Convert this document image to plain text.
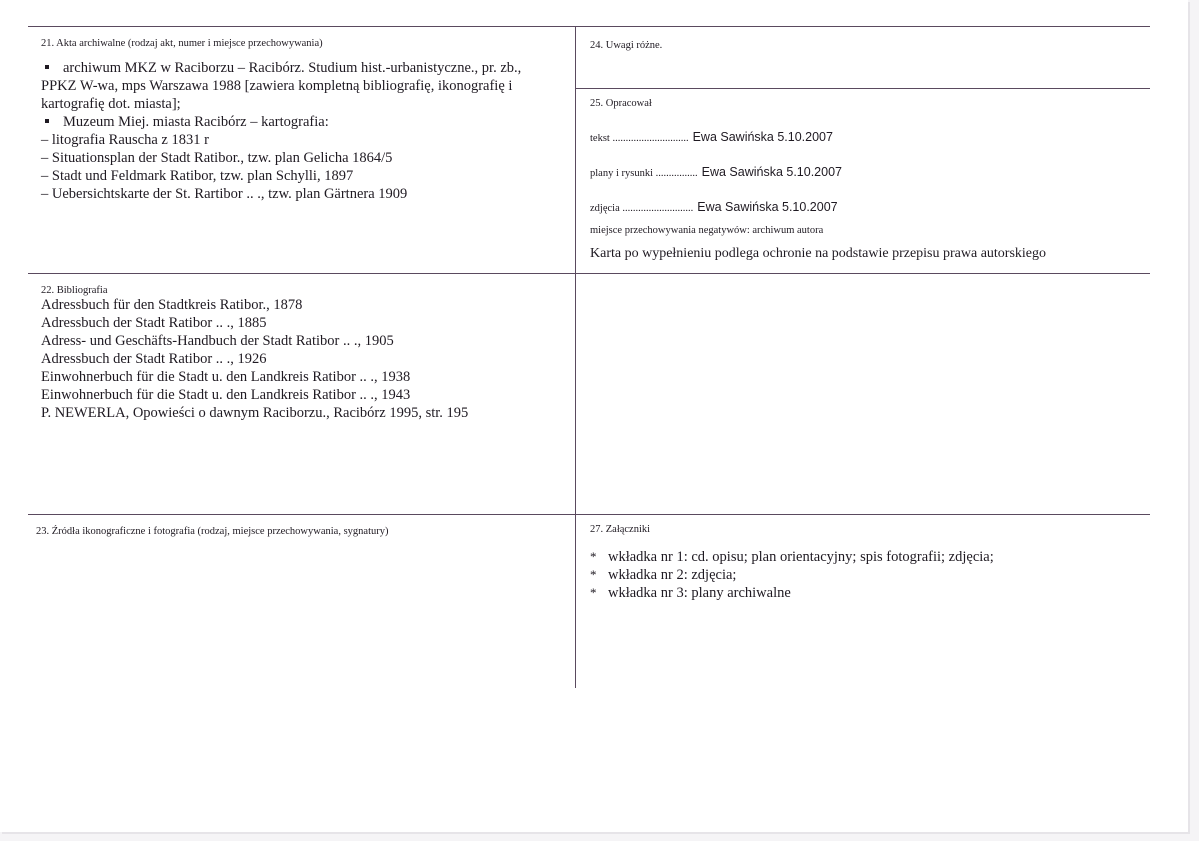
21. Akta archiwalne (rodzaj akt, numer i miejsce przechowywania)
archiwum MKZ w Raciborzu – Racibórz. Studium hist.-urbanistyczne., pr. zb.,
PPKZ W-wa, mps Warszawa 1988 [zawiera kompletną bibliografię, ikonografię i
kartografię dot. miasta];
Muzeum Miej. miasta Racibórz – kartografia:
– litografia Rauscha z 1831 r
– Situationsplan der Stadt Ratibor., tzw. plan Gelicha 1864/5
– Stadt und Feldmark Ratibor, tzw. plan Schylli, 1897
– Uebersichtskarte der St. Rartibor .. ., tzw. plan Gärtnera 1909
24. Uwagi różne.
25. Opracował
tekst ............................. Ewa Sawińska 5.10.2007
plany i rysunki ................ Ewa Sawińska 5.10.2007
zdjęcia ........................... Ewa Sawińska 5.10.2007
miejsce przechowywania negatywów: archiwum autora
Karta po wypełnieniu podlega ochronie na podstawie przepisu prawa autorskiego
22. Bibliografia
Adressbuch für den Stadtkreis Ratibor., 1878
Adressbuch der Stadt Ratibor .. ., 1885
Adress- und Geschäfts-Handbuch der Stadt Ratibor .. ., 1905
Adressbuch der Stadt Ratibor .. ., 1926
Einwohnerbuch für die Stadt u. den Landkreis Ratibor .. ., 1938
Einwohnerbuch für die Stadt u. den Landkreis Ratibor .. ., 1943
P. NEWERLA, Opowieści o dawnym Raciborzu., Racibórz 1995, str. 195
23. Źródła ikonograficzne i fotografia (rodzaj, miejsce przechowywania, sygnatury)	27. Załączniki
* wkładka nr 1: cd. opisu; plan orientacyjny; spis fotografii; zdjęcia;
* wkładka nr 2: zdjęcia;
* wkładka nr 3: plany archiwalne
